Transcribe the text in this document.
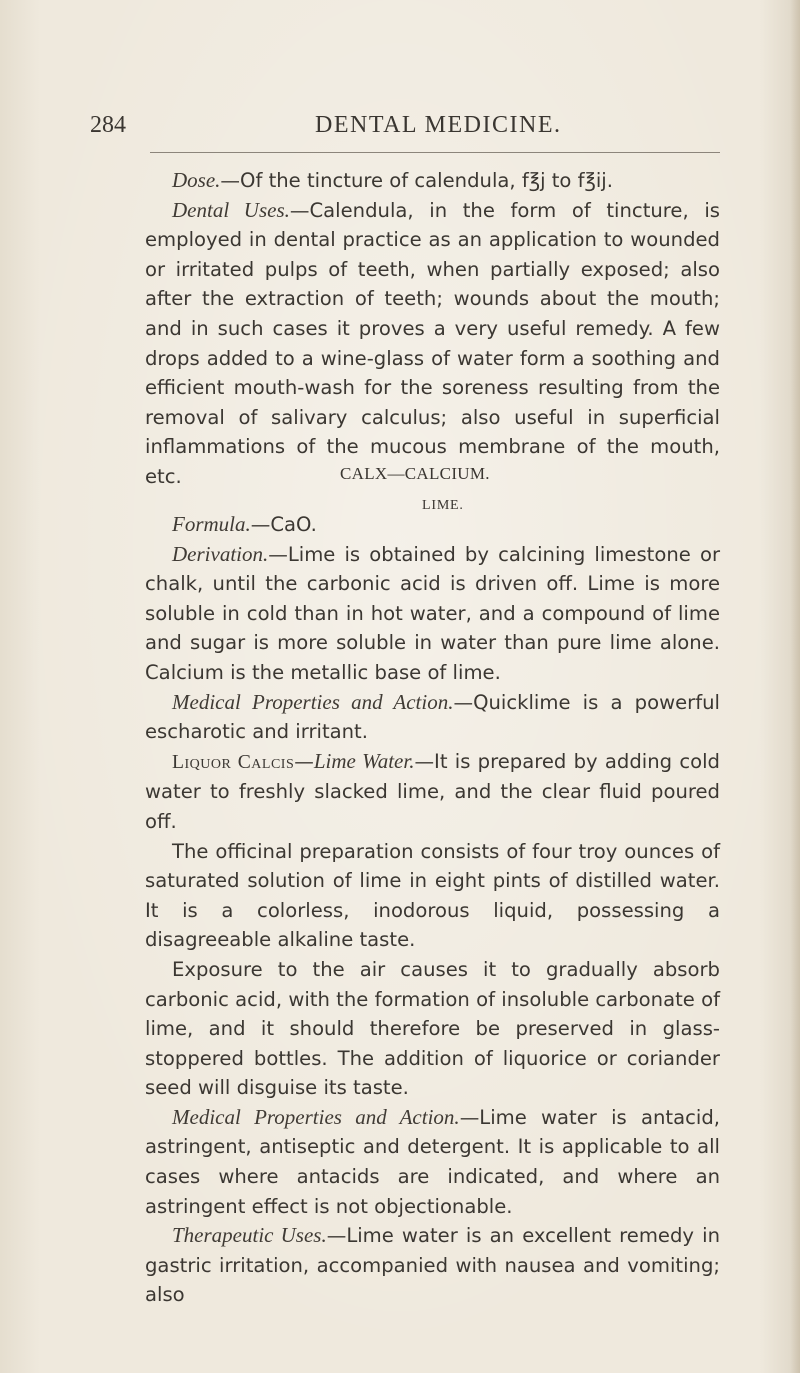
284	DENTAL MEDICINE.

Dose.—Of the tincture of calendula, f℥j to f℥ij.

Dental Uses.—Calendula, in the form of tincture, is employed in dental practice as an application to wounded or irritated pulps of teeth, when partially exposed; also after the extraction of teeth; wounds about the mouth; and in such cases it proves a very useful remedy. A few drops added to a wine-glass of water form a soothing and efficient mouth-wash for the soreness resulting from the removal of salivary calculus; also useful in superficial inflammations of the mucous membrane of the mouth, etc.	CALX—CALCIUM.
LIME.

Formula.—CaO.

Derivation.—Lime is obtained by calcining limestone or chalk, until the carbonic acid is driven off. Lime is more soluble in cold than in hot water, and a compound of lime and sugar is more soluble in water than pure lime alone. Calcium is the metallic base of lime.

Medical Properties and Action.—Quicklime is a powerful escharotic and irritant.

Liquor Calcis—Lime Water.—It is prepared by adding cold water to freshly slacked lime, and the clear fluid poured off.

The officinal preparation consists of four troy ounces of saturated solution of lime in eight pints of distilled water. It is a colorless, inodorous liquid, possessing a disagreeable alkaline taste.

Exposure to the air causes it to gradually absorb carbonic acid, with the formation of insoluble carbonate of lime, and it should therefore be preserved in glass-stoppered bottles. The addition of liquorice or coriander seed will disguise its taste.

Medical Properties and Action.—Lime water is antacid, astringent, antiseptic and detergent. It is applicable to all cases where antacids are indicated, and where an astringent effect is not objectionable.

Therapeutic Uses.—Lime water is an excellent remedy in gastric irritation, accompanied with nausea and vomiting; also
